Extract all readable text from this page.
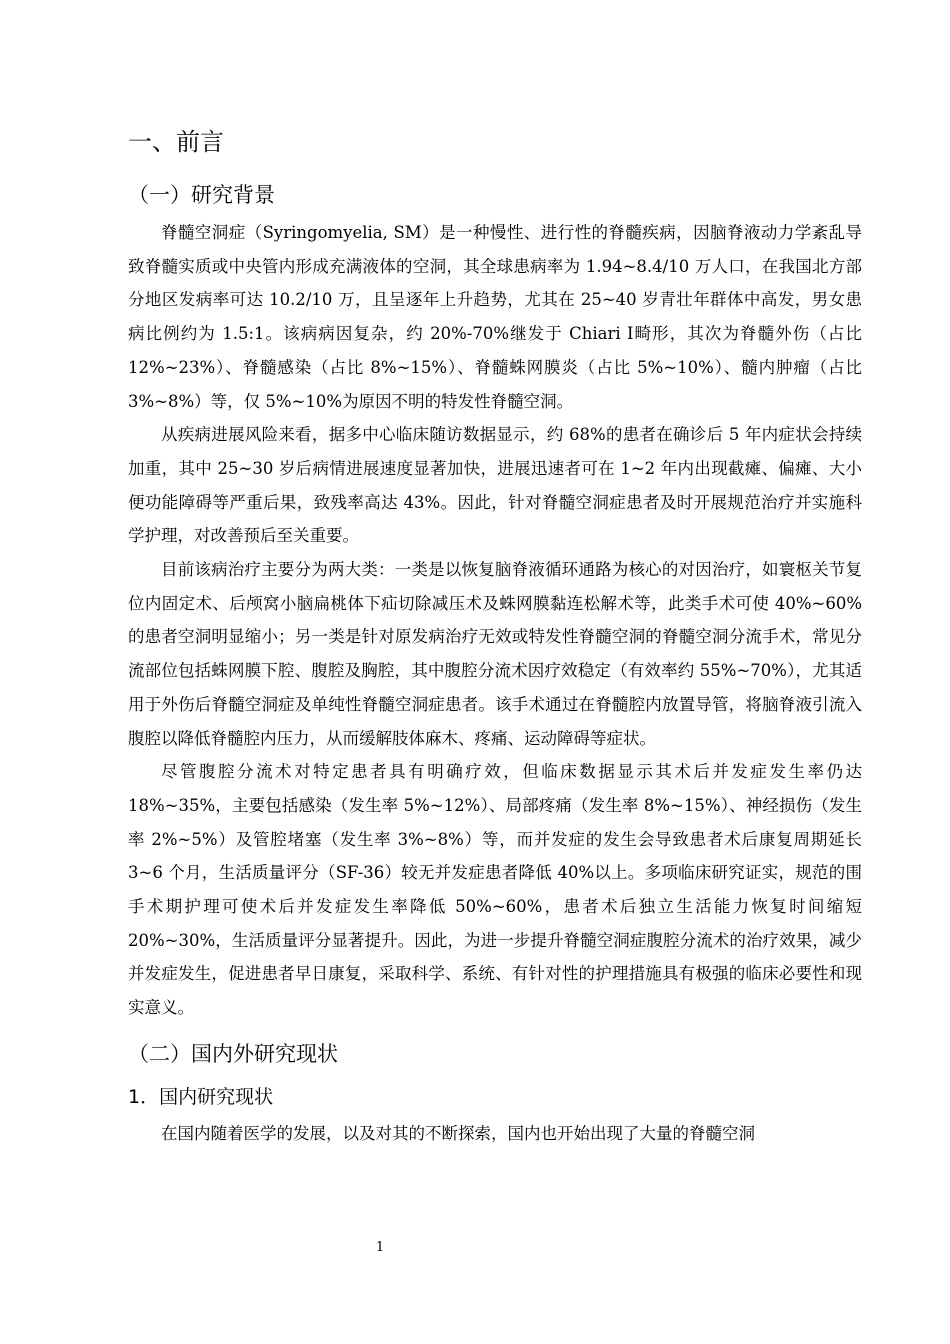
一、前言
（一）研究背景

脊髓空洞症（Syringomyelia, SM）是一种慢性、进行性的脊髓疾病，因脑脊液动力学紊乱导致脊髓实质或中央管内形成充满液体的空洞，其全球患病率为 1.94~8.4/10 万人口，在我国北方部分地区发病率可达 10.2/10 万，且呈逐年上升趋势，尤其在 25~40 岁青壮年群体中高发，男女患病比例约为 1.5:1。该病病因复杂，约 20%-70%继发于 Chiari Ⅰ畸形，其次为脊髓外伤（占比 12%~23%）、脊髓感染（占比 8%~15%）、脊髓蛛网膜炎（占比 5%~10%）、髓内肿瘤（占比 3%~8%）等，仅 5%~10%为原因不明的特发性脊髓空洞。

从疾病进展风险来看，据多中心临床随访数据显示，约 68%的患者在确诊后 5 年内症状会持续加重，其中 25~30 岁后病情进展速度显著加快，进展迅速者可在 1~2 年内出现截瘫、偏瘫、大小便功能障碍等严重后果，致残率高达 43%。因此，针对脊髓空洞症患者及时开展规范治疗并实施科学护理，对改善预后至关重要。

目前该病治疗主要分为两大类：一类是以恢复脑脊液循环通路为核心的对因治疗，如寰枢关节复位内固定术、后颅窝小脑扁桃体下疝切除减压术及蛛网膜黏连松解术等，此类手术可使 40%~60%的患者空洞明显缩小；另一类是针对原发病治疗无效或特发性脊髓空洞的脊髓空洞分流手术，常见分流部位包括蛛网膜下腔、腹腔及胸腔，其中腹腔分流术因疗效稳定（有效率约 55%~70%），尤其适用于外伤后脊髓空洞症及单纯性脊髓空洞症患者。该手术通过在脊髓腔内放置导管，将脑脊液引流入腹腔以降低脊髓腔内压力，从而缓解肢体麻木、疼痛、运动障碍等症状。

尽管腹腔分流术对特定患者具有明确疗效，但临床数据显示其术后并发症发生率仍达 18%~35%，主要包括感染（发生率 5%~12%）、局部疼痛（发生率 8%~15%）、神经损伤（发生率 2%~5%）及管腔堵塞（发生率 3%~8%）等，而并发症的发生会导致患者术后康复周期延长 3~6 个月，生活质量评分（SF-36）较无并发症患者降低 40%以上。多项临床研究证实，规范的围手术期护理可使术后并发症发生率降低 50%~60%，患者术后独立生活能力恢复时间缩短 20%~30%，生活质量评分显著提升。因此，为进一步提升脊髓空洞症腹腔分流术的治疗效果，减少并发症发生，促进患者早日康复，采取科学、系统、有针对性的护理措施具有极强的临床必要性和现实意义。

（二）国内外研究现状
1．国内研究现状

在国内随着医学的发展，以及对其的不断探索，国内也开始出现了大量的脊髓空洞

1
